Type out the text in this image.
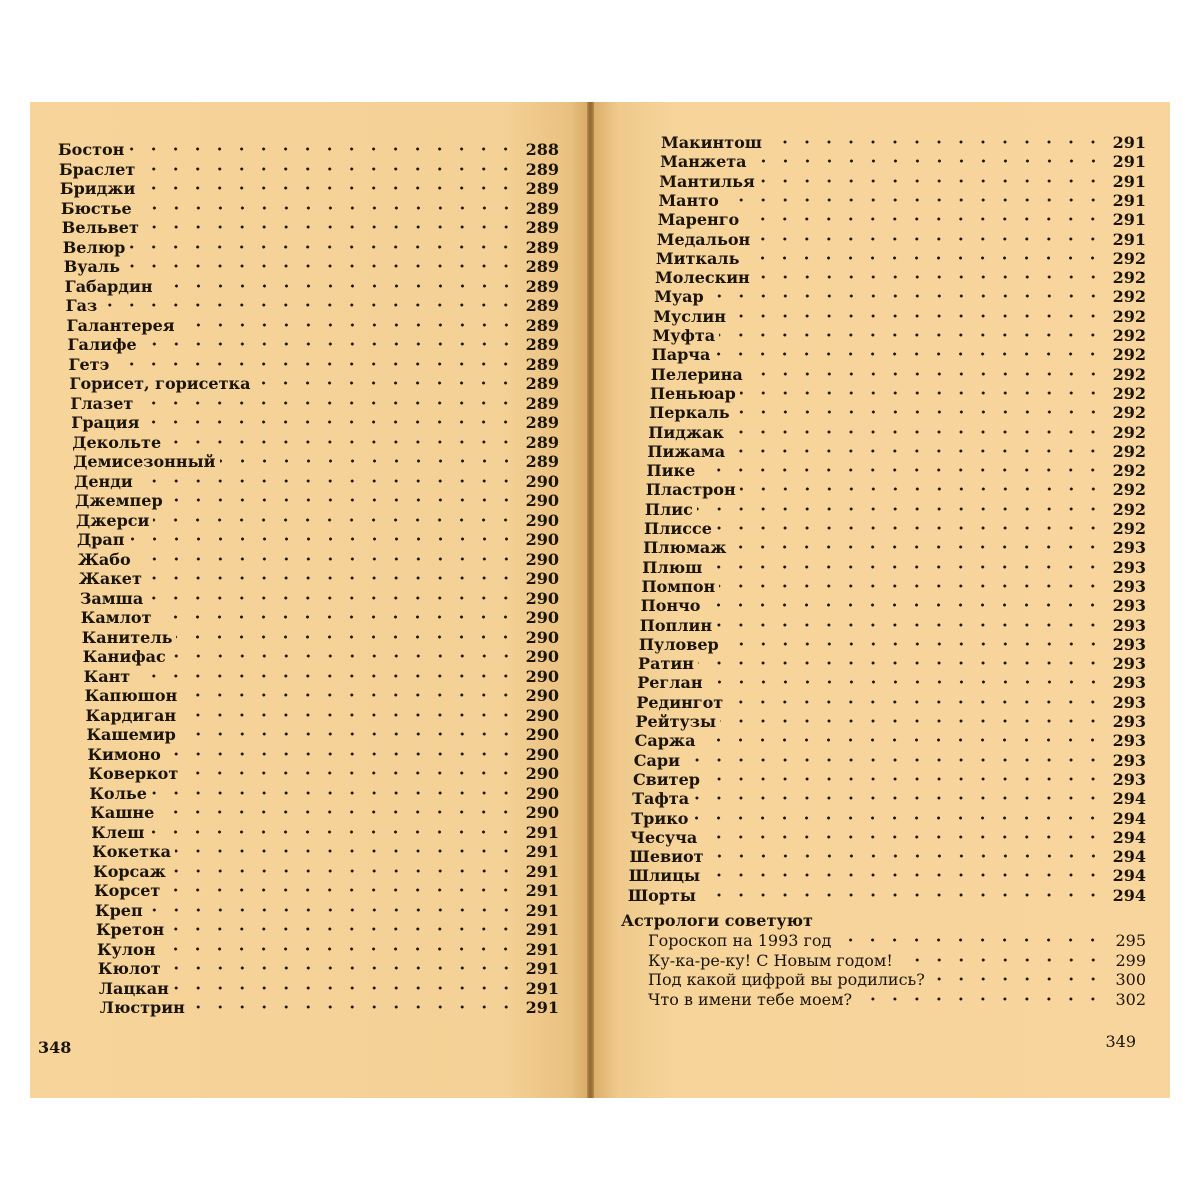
Бостон	288
Браслет	289
Бриджи	289
Бюстье	289
Вельвет	289
Велюр	289
Вуаль	289
Габардин	289
Газ	289
Галантерея	289
Галифе	289
Гетэ	289
Горисет, горисетка	289
Глазет	289
Грация	289
Декольте	289
Демисезонный	289
Денди	290
Джемпер	290
Джерси	290
Драп	290
Жабо	290
Жакет	290
Замша	290
Камлот	290
Канитель	290
Канифас	290
Кант	290
Капюшон	290
Кардиган	290
Кашемир	290
Кимоно	290
Коверкот	290
Колье	290
Кашне	290
Клеш	291
Кокетка	291
Корсаж	291
Корсет	291
Креп	291
Кретон	291
Кулон	291
Кюлот	291
Лацкан	291
Люстрин	291
348
Макинтош	291
Манжета	291
Мантилья	291
Манто	291
Маренго	291
Медальон	291
Миткаль	292
Молескин	292
Муар	292
Муслин	292
Муфта	292
Парча	292
Пелерина	292
Пеньюар	292
Перкаль	292
Пиджак	292
Пижама	292
Пике	292
Пластрон	292
Плис	292
Плиссе	292
Плюмаж	293
Плюш	293
Помпон	293
Пончо	293
Поплин	293
Пуловер	293
Ратин	293
Реглан	293
Редингот	293
Рейтузы	293
Саржа	293
Сари	293
Свитер	293
Тафта	294
Трико	294
Чесуча	294
Шевиот	294
Шлицы	294
Шорты	294
Астрологи советуют
Гороскоп на 1993 год	295
Ку-ка-ре-ку! С Новым годом!	299
Под какой цифрой вы родились?	300
Что в имени тебе моем?	302
349
